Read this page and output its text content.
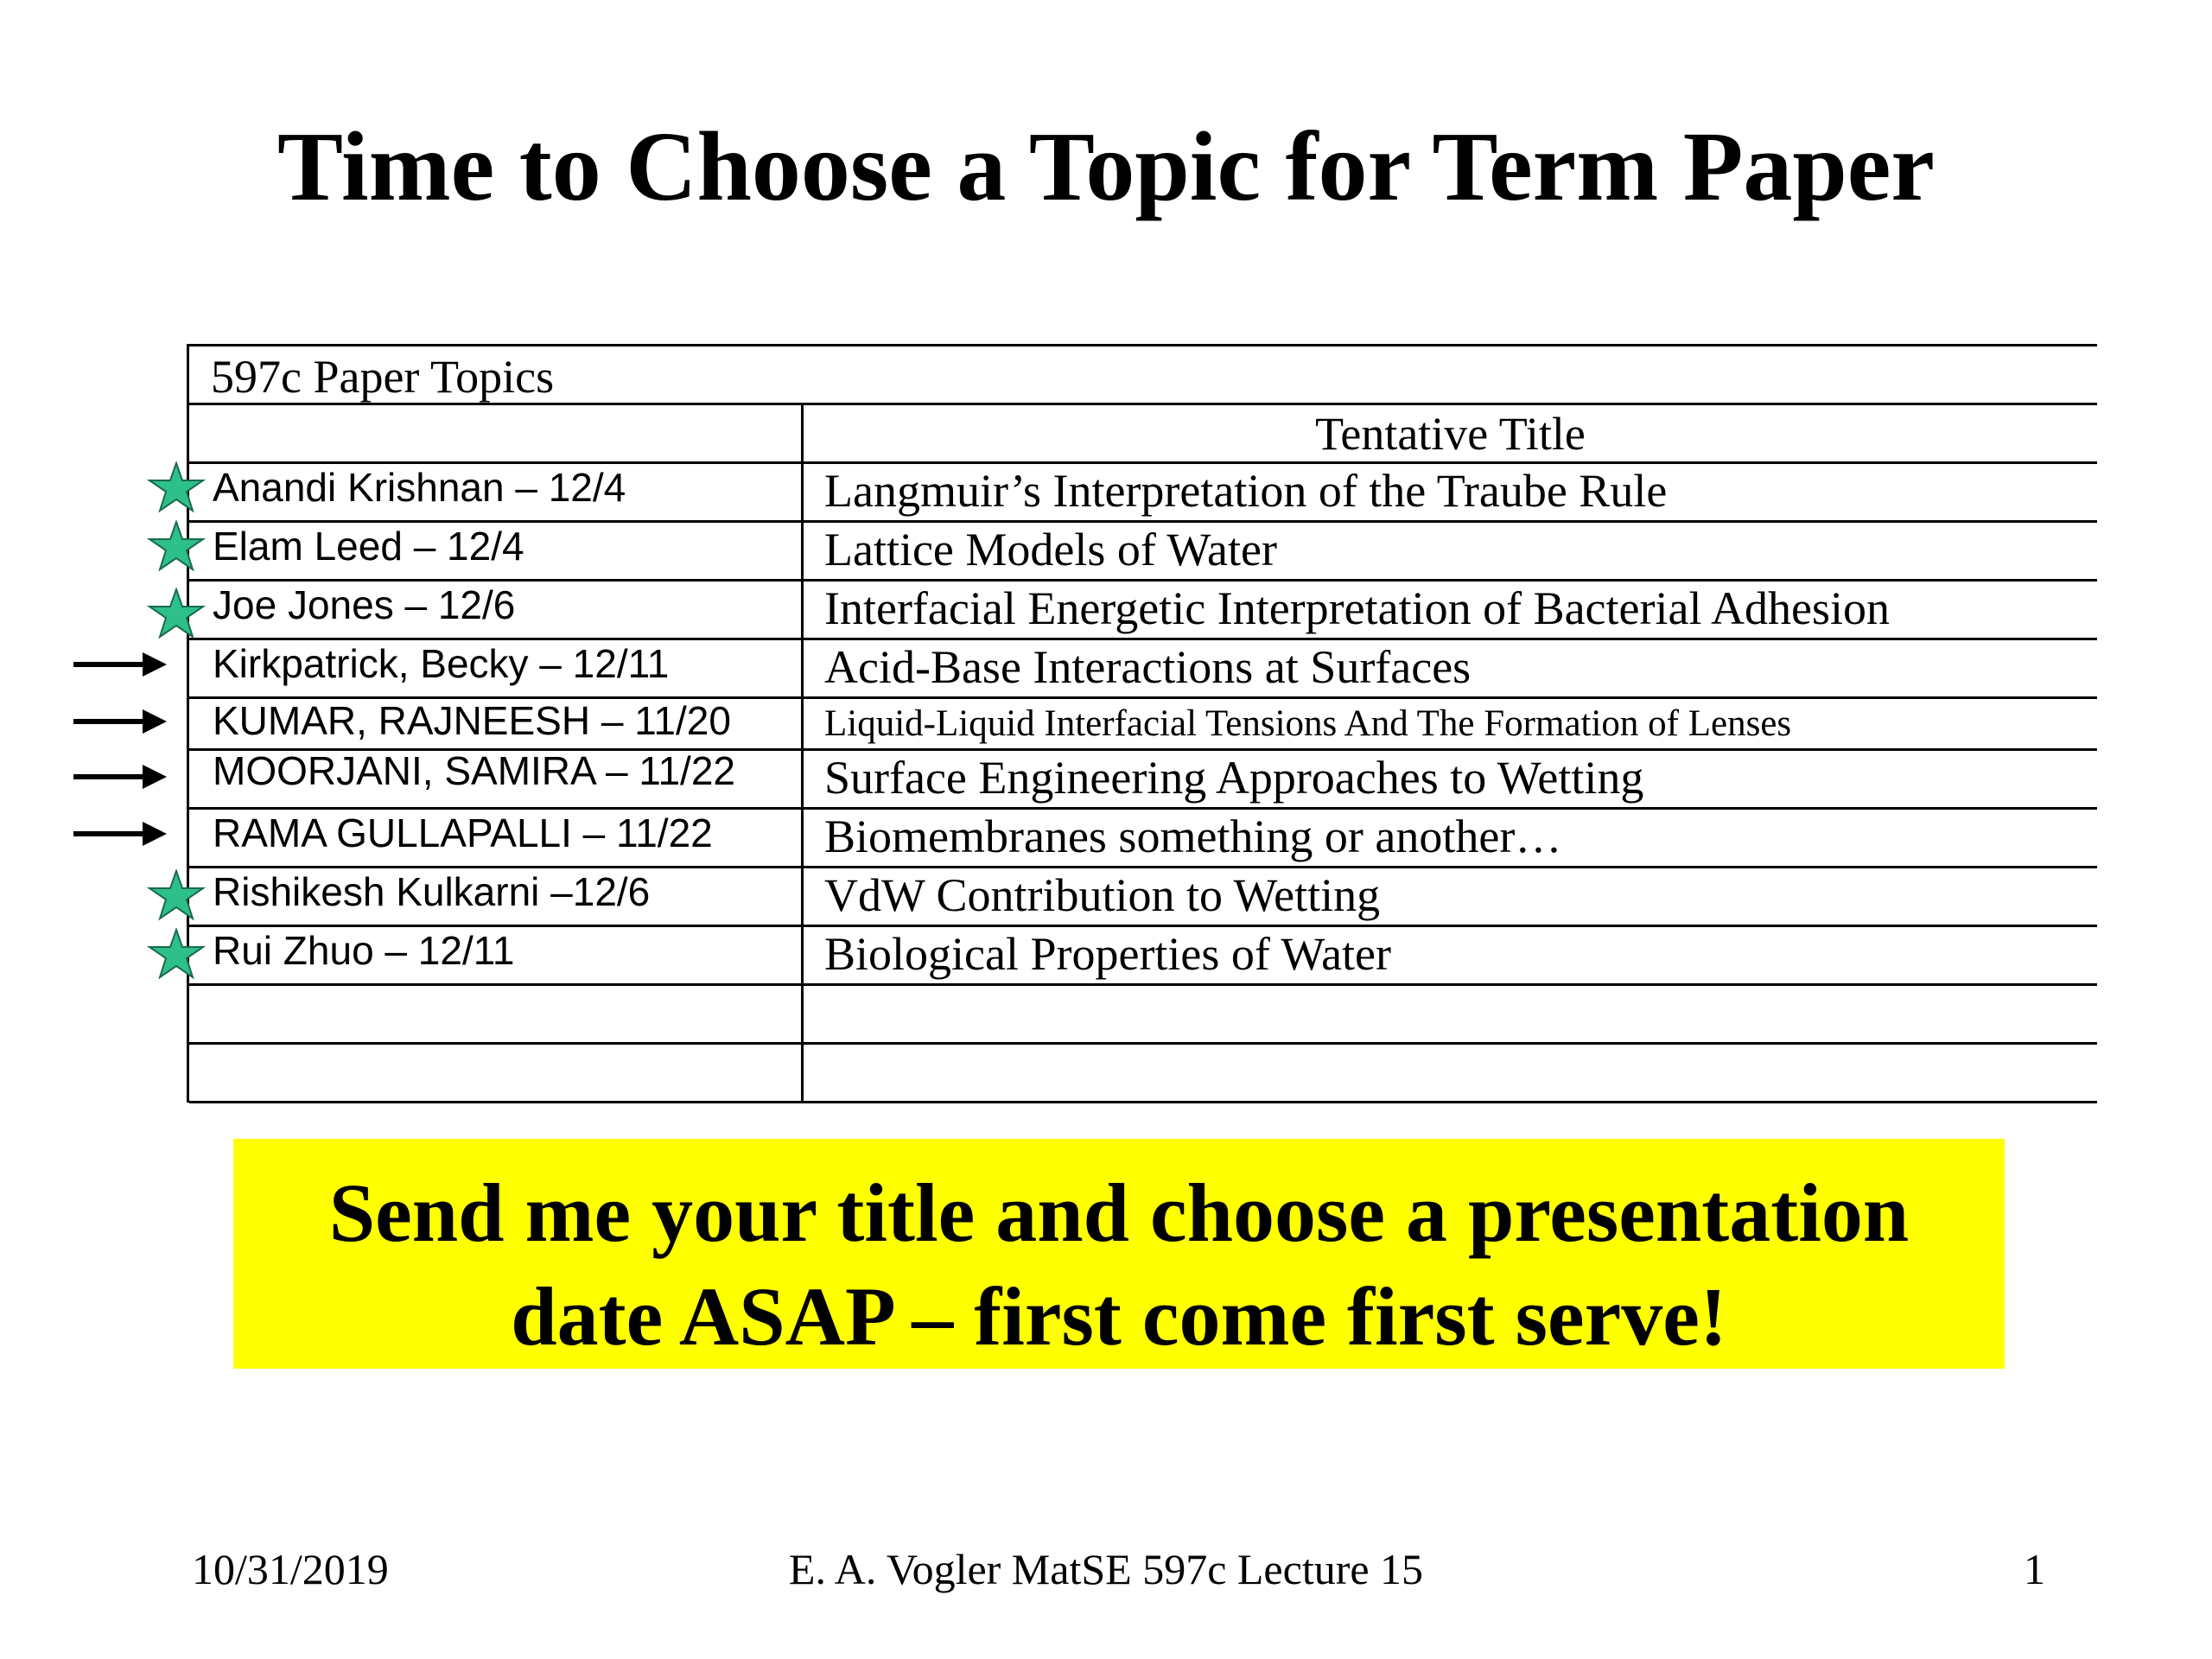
Time to Choose a Topic for Term Paper
597c Paper Topics
Tentative Title
Anandi Krishnan – 12/4	Langmuir’s Interpretation of the Traube Rule
Elam Leed – 12/4	Lattice Models of Water
Joe Jones – 12/6	Interfacial Energetic Interpretation of Bacterial Adhesion
Kirkpatrick, Becky – 12/11	Acid-Base Interactions at Surfaces
KUMAR, RAJNEESH – 11/20	Liquid-Liquid Interfacial Tensions And The Formation of Lenses
MOORJANI, SAMIRA – 11/22 Surface Engineering Approaches to Wetting
RAMA GULLAPALLI – 11/22 Biomembranes something or another…
Rishikesh Kulkarni –12/6	VdW Contribution to Wetting
Rui Zhuo – 12/11	Biological Properties of Water
Send me your title and choose a presentation
date ASAP – first come first serve!
10/31/2019	E. A. Vogler MatSE 597c Lecture 15	1
